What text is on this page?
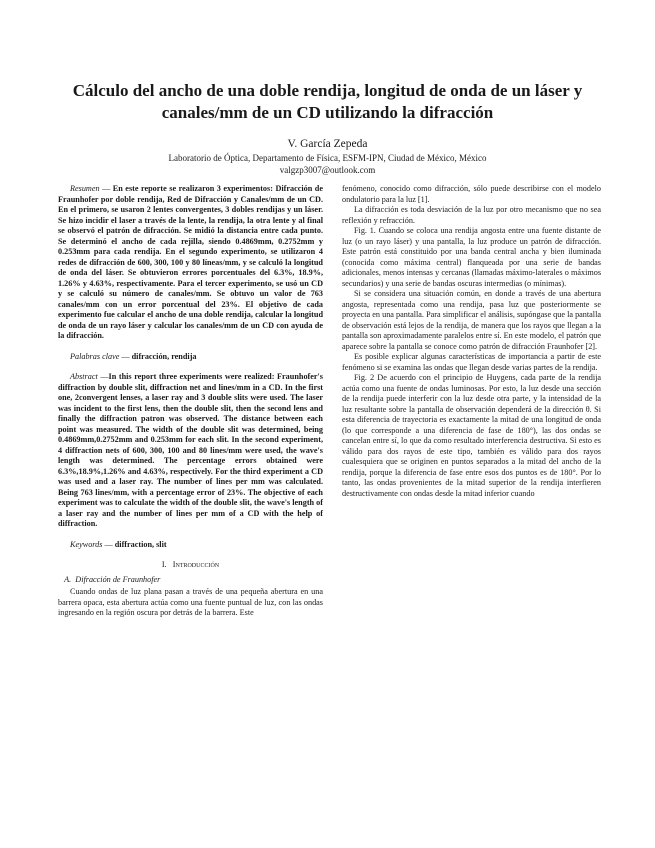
Cálculo del ancho de una doble rendija, longitud de onda de un láser y canales/mm de un CD utilizando la difracción
V. García Zepeda
Laboratorio de Óptica, Departamento de Física, ESFM-IPN, Ciudad de México, México
valgzp3007@outlook.com

Resumen — En este reporte se realizaron 3 experimentos: Difracción de Fraunhofer por doble rendija, Red de Difracción y Canales/mm de un CD. En el primero, se usaron 2 lentes convergentes, 3 dobles rendijas y un láser. Se hizo incidir el laser a través de la lente, la rendija, la otra lente y al final se observó el patrón de difracción. Se midió la distancia entre cada punto. Se determinó el ancho de cada rejilla, siendo 0.4869mm, 0.2752mm y 0.253mm para cada rendija. En el segundo experimento, se utilizaron 4 redes de difracción de 600, 300, 100 y 80 líneas/mm, y se calculó la longitud de onda del láser. Se obtuvieron errores porcentuales del 6.3%, 18.9%, 1.26% y 4.63%, respectivamente. Para el tercer experimento, se usó un CD y se calculó su número de canales/mm. Se obtuvo un valor de 763 canales/mm con un error porcentual del 23%. El objetivo de cada experimento fue calcular el ancho de una doble rendija, calcular la longitud de onda de un rayo láser y calcular los canales/mm de un CD con ayuda de la difracción.

Palabras clave — difracción, rendija

Abstract —In this report three experiments were realized: Fraunhofer's diffraction by double slit, diffraction net and lines/mm in a CD. In the first one, 2convergent lenses, a laser ray and 3 double slits were used. The laser was incident to the first lens, then the double slit, then the second lens and finally the diffraction patron was observed. The distance between each point was measured. The width of the double slit was determined, being 0.4869mm,0.2752mm and 0.253mm for each slit. In the second experiment, 4 diffraction nets of 600, 300, 100 and 80 lines/mm were used, the wave's length was determined. The percentage errors obtained were 6.3%,18.9%,1.26% and 4.63%, respectively. For the third experiment a CD was used and a laser ray. The number of lines per mm was calculated. Being 763 lines/mm, with a percentage error of 23%. The objective of each experiment was to calculate the width of the double slit, the wave's length of a laser ray and the number of lines per mm of a CD with the help of diffraction.

Keywords — diffraction, slit

I. Introducción

A. Difracción de Fraunhofer

Cuando ondas de luz plana pasan a través de una pequeña abertura en una barrera opaca, esta abertura actúa como una fuente puntual de luz, con las ondas ingresando en la región oscura por detrás de la barrera. Este

fenómeno, conocido como difracción, sólo puede describirse con el modelo ondulatorio para la luz [1].

La difracción es toda desviación de la luz por otro mecanismo que no sea reflexión y refracción.

Fig. 1. Cuando se coloca una rendija angosta entre una fuente distante de luz (o un rayo láser) y una pantalla, la luz produce un patrón de difracción. Este patrón está constituido por una banda central ancha y bien iluminada (conocida como máxima central) flanqueada por una serie de bandas adicionales, menos intensas y cercanas (llamadas máximo-laterales o máximos secundarios) y una serie de bandas oscuras intermedias (o mínimas).

Si se considera una situación común, en donde a través de una abertura angosta, representada como una rendija, pasa luz que posteriormente se proyecta en una pantalla. Para simplificar el análisis, supóngase que la pantalla de observación está lejos de la rendija, de manera que los rayos que llegan a la pantalla son aproximadamente paralelos entre sí. En este modelo, el patrón que aparece sobre la pantalla se conoce como patrón de difracción Fraunhofer [2].

Es posible explicar algunas características de importancia a partir de este fenómeno si se examina las ondas que llegan desde varias partes de la rendija.

Fig. 2 De acuerdo con el principio de Huygens, cada parte de la rendija actúa como una fuente de ondas luminosas. Por esto, la luz desde una sección de la rendija puede interferir con la luz desde otra parte, y la intensidad de la luz resultante sobre la pantalla de observación dependerá de la dirección θ. Si esta diferencia de trayectoria es exactamente la mitad de una longitud de onda (lo que corresponde a una diferencia de fase de 180°), las dos ondas se cancelan entre sí, lo que da como resultado interferencia destructiva. Si esto es válido para dos rayos de este tipo, también es válido para dos rayos cualesquiera que se originen en puntos separados a la mitad del ancho de la rendija, porque la diferencia de fase entre esos dos puntos es de 180°. Por lo tanto, las ondas provenientes de la mitad superior de la rendija interfieren destructivamente con ondas desde la mitad inferior cuando
